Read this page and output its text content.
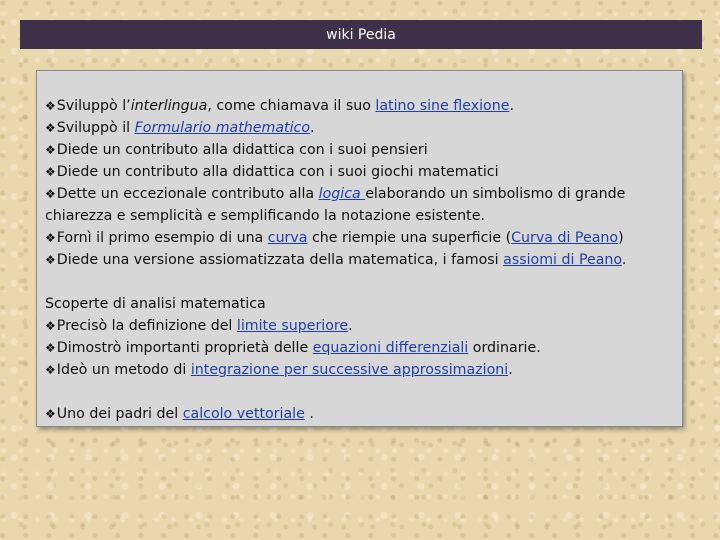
wiki Pedia
❖Sviluppò l’interlingua, come chiamava il suo latino sine flexione.
❖Sviluppò il Formulario mathematico.
❖Diede un contributo alla didattica con i suoi pensieri
❖Diede un contributo alla didattica con i suoi giochi matematici
❖Dette un eccezionale contributo alla logica elaborando un simbolismo di grande chiarezza e semplicità e semplificando la notazione esistente.
❖Fornì il primo esempio di una curva che riempie una superficie (Curva di Peano)
❖Diede una versione assiomatizzata della matematica, i famosi assiomi di Peano.
Scoperte di analisi matematica
❖Precisò la definizione del limite superiore.
❖Dimostrò importanti proprietà delle equazioni differenziali ordinarie.
❖Ideò un metodo di integrazione per successive approssimazioni.
❖Uno dei padri del calcolo vettoriale .
